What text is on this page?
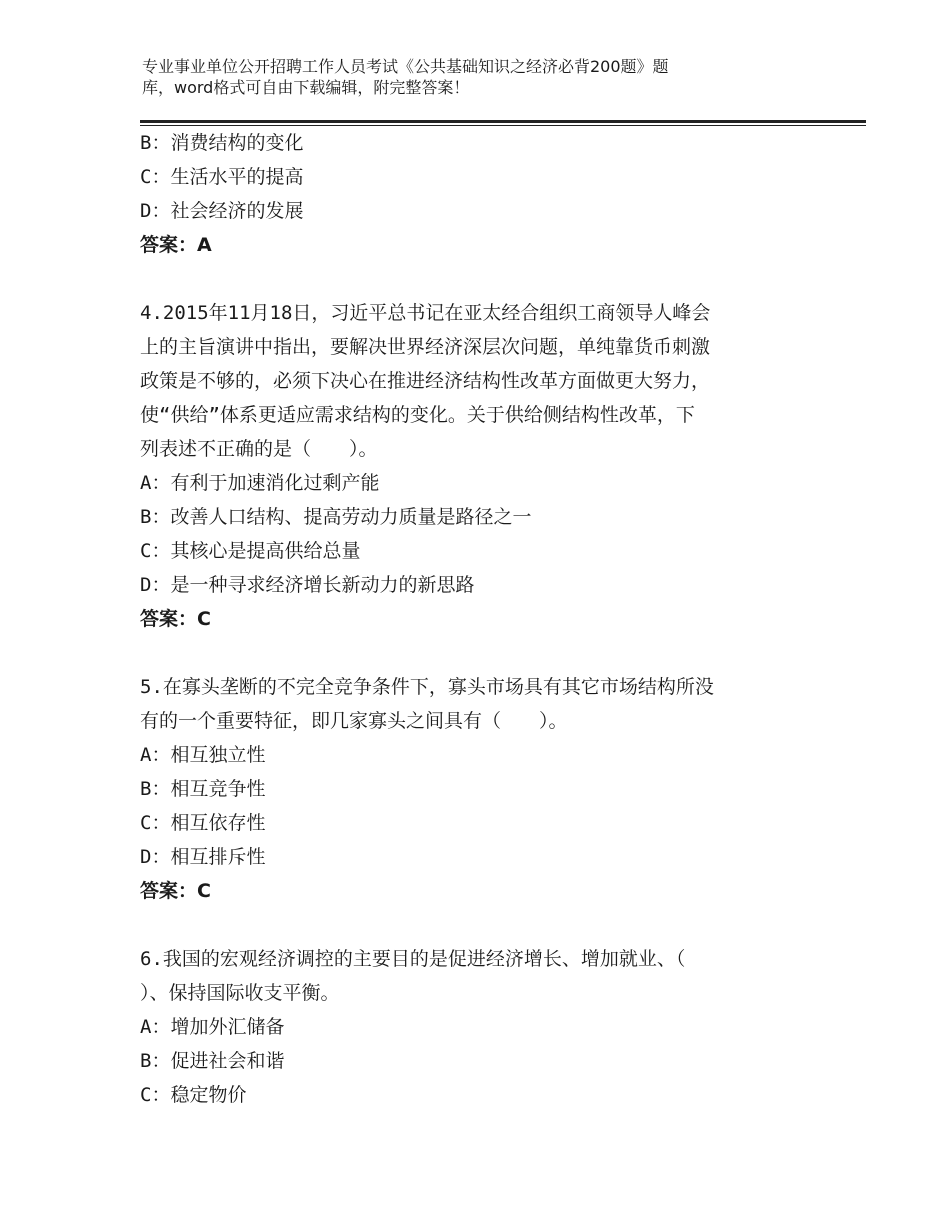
专业事业单位公开招聘工作人员考试《公共基础知识之经济必背200题》题
库，word格式可自由下载编辑，附完整答案！
B：消费结构的变化
C：生活水平的提高
D：社会经济的发展
答案：A
4.2015年11月18日，习近平总书记在亚太经合组织工商领导人峰会
上的主旨演讲中指出，要解决世界经济深层次问题，单纯靠货币刺激
政策是不够的，必须下决心在推进经济结构性改革方面做更大努力，
使“供给”体系更适应需求结构的变化。关于供给侧结构性改革，下
列表述不正确的是（　　）。
A：有利于加速消化过剩产能
B：改善人口结构、提高劳动力质量是路径之一
C：其核心是提高供给总量
D：是一种寻求经济增长新动力的新思路
答案：C
5.在寡头垄断的不完全竞争条件下，寡头市场具有其它市场结构所没
有的一个重要特征，即几家寡头之间具有（　　）。
A：相互独立性
B：相互竞争性
C：相互依存性
D：相互排斥性
答案：C
6.我国的宏观经济调控的主要目的是促进经济增长、增加就业、（
）、保持国际收支平衡。
A：增加外汇储备
B：促进社会和谐
C：稳定物价
